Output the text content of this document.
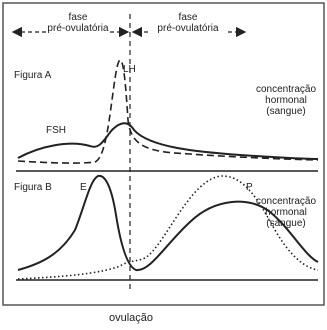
fase
pré-ovulatória
fase
pré-ovulatória
Figura A
LH
FSH
concentração
hormonal
(sangue)
Figura B	E	P
concentração
hormonal
(sangue)
ovulação
